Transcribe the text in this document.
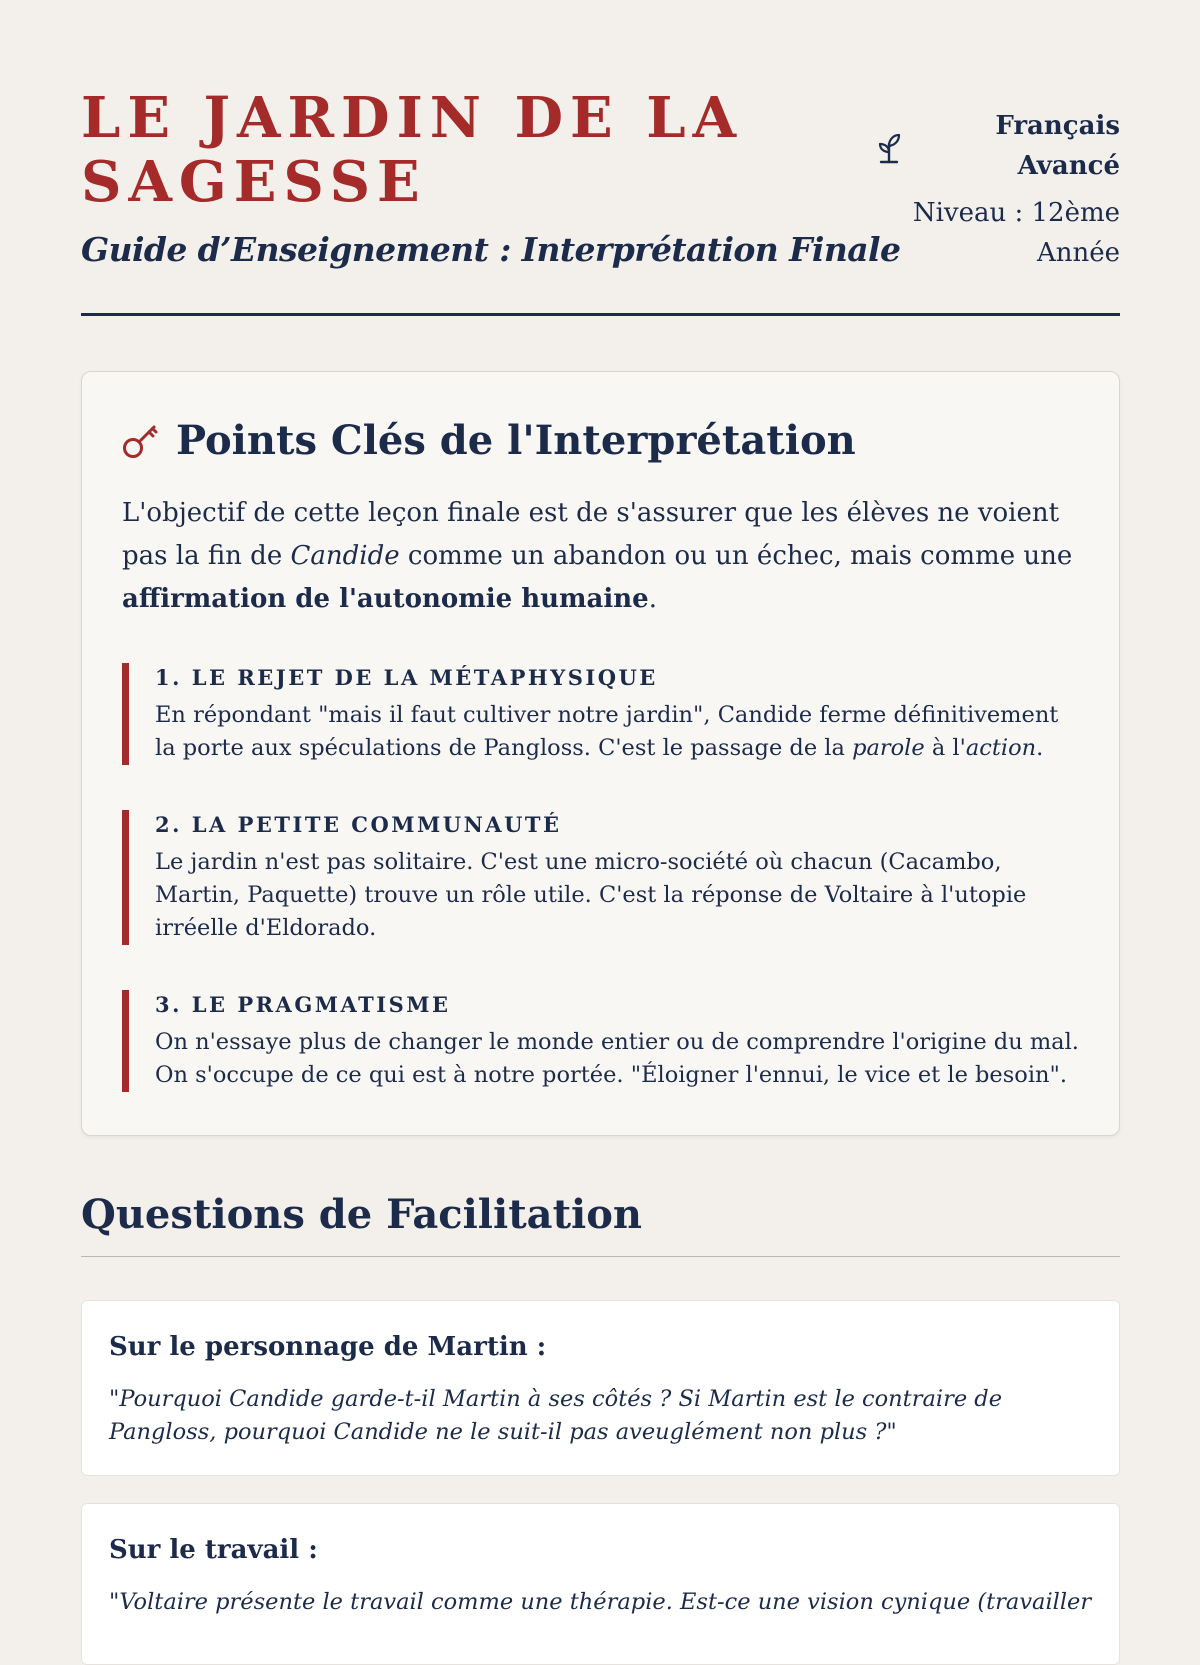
LE JARDIN DE LA SAGESSE
Guide d’Enseignement : Interprétation Finale
Français Avancé
Niveau : 12ème Année
Points Clés de l'Interprétation

L'objectif de cette leçon finale est de s'assurer que les élèves ne voient pas la fin de Candide comme un abandon ou un échec, mais comme une affirmation de l'autonomie humaine.

1. LE REJET DE LA MÉTAPHYSIQUE

En répondant "mais il faut cultiver notre jardin", Candide ferme définitivement la porte aux spéculations de Pangloss. C'est le passage de la parole à l'action.

2. LA PETITE COMMUNAUTÉ

Le jardin n'est pas solitaire. C'est une micro-société où chacun (Cacambo, Martin, Paquette) trouve un rôle utile. C'est la réponse de Voltaire à l'utopie irréelle d'Eldorado.

3. LE PRAGMATISME

On n'essaye plus de changer le monde entier ou de comprendre l'origine du mal. On s'occupe de ce qui est à notre portée. "Éloigner l'ennui, le vice et le besoin".

Questions de Facilitation
Sur le personnage de Martin :

"Pourquoi Candide garde-t-il Martin à ses côtés ? Si Martin est le contraire de Pangloss, pourquoi Candide ne le suit-il pas aveuglément non plus ?"

Sur le travail :

"Voltaire présente le travail comme une thérapie. Est-ce une vision cynique (travailler
